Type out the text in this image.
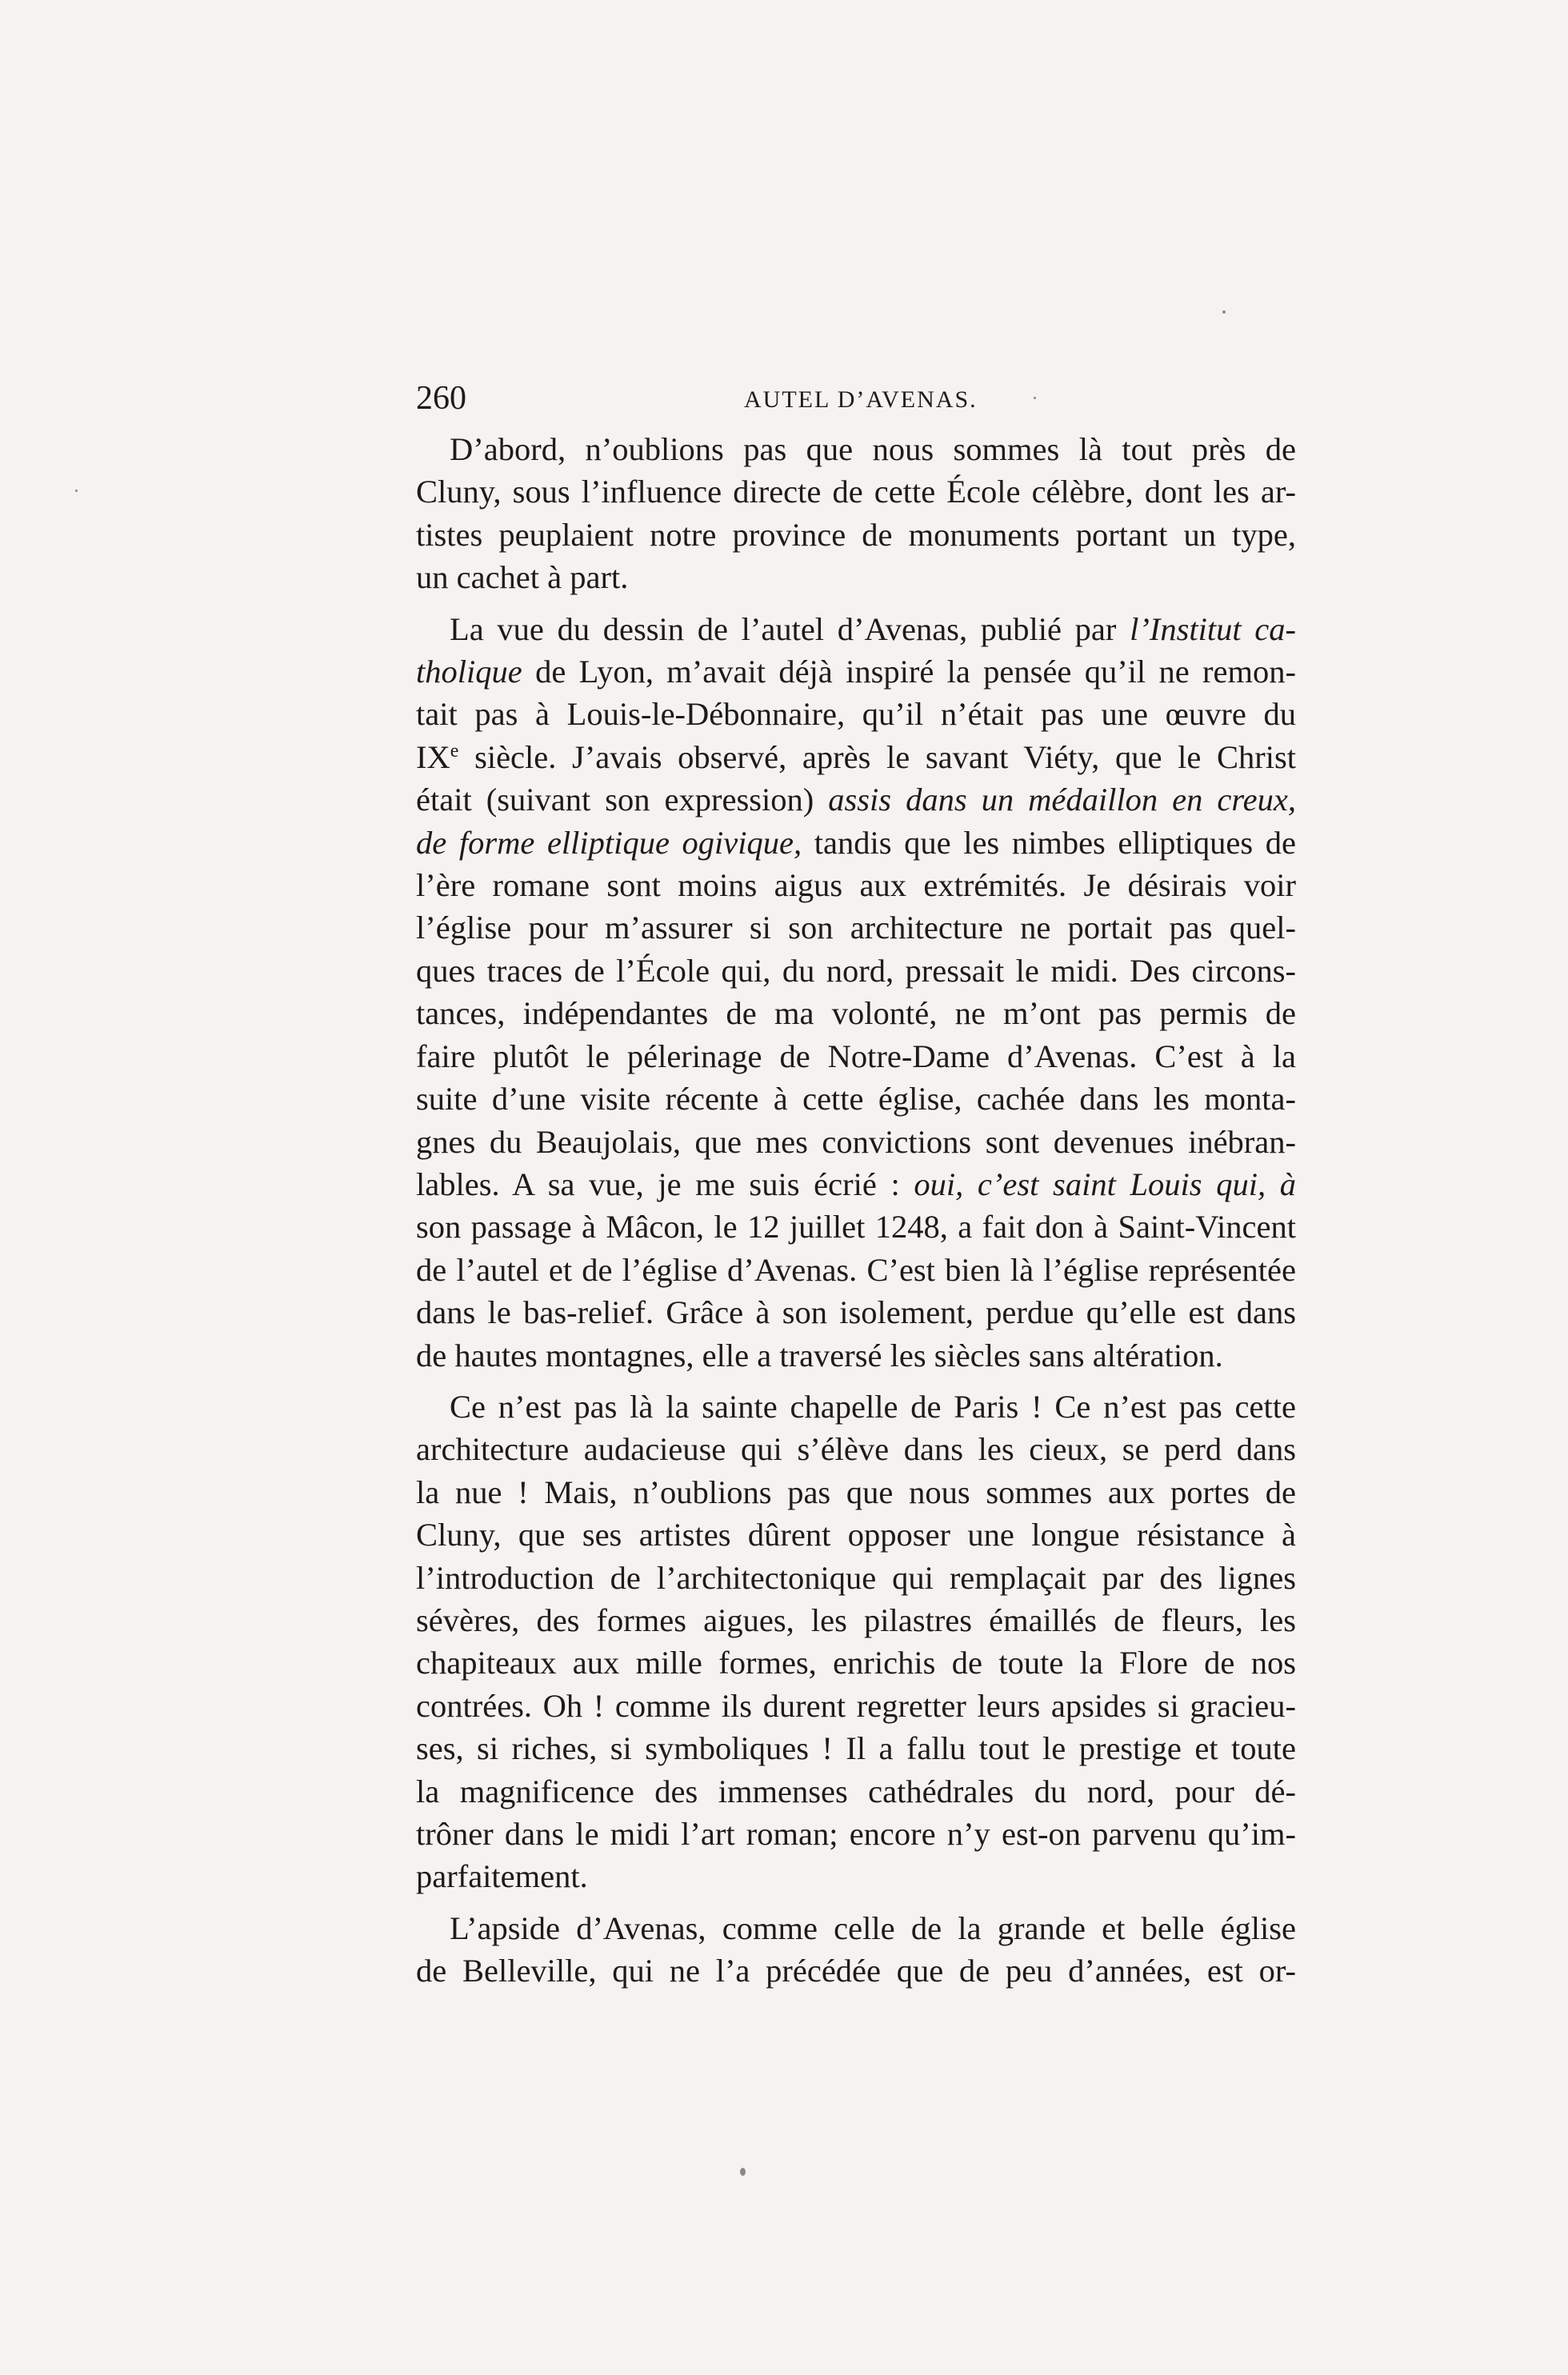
260	AUTEL D’AVENAS.

D’abord, n’oublions pas que nous sommes là tout près de
Cluny, sous l’influence directe de cette École célèbre, dont les ar-
tistes peuplaient notre province de monuments portant un type,
un cachet à part.

La vue du dessin de l’autel d’Avenas, publié par l’Institut ca-
tholique de Lyon, m’avait déjà inspiré la pensée qu’il ne remon-
tait pas à Louis-le-Débonnaire, qu’il n’était pas une œuvre du
IXe siècle. J’avais observé, après le savant Viéty, que le Christ
était (suivant son expression) assis dans un médaillon en creux,
de forme elliptique ogivique, tandis que les nimbes elliptiques de
l’ère romane sont moins aigus aux extrémités. Je désirais voir
l’église pour m’assurer si son architecture ne portait pas quel-
ques traces de l’École qui, du nord, pressait le midi. Des circons-
tances, indépendantes de ma volonté, ne m’ont pas permis de
faire plutôt le pélerinage de Notre-Dame d’Avenas. C’est à la
suite d’une visite récente à cette église, cachée dans les monta-
gnes du Beaujolais, que mes convictions sont devenues inébran-
lables. A sa vue, je me suis écrié : oui, c’est saint Louis qui, à
son passage à Mâcon, le 12 juillet 1248, a fait don à Saint-Vincent
de l’autel et de l’église d’Avenas. C’est bien là l’église représentée
dans le bas-relief. Grâce à son isolement, perdue qu’elle est dans
de hautes montagnes, elle a traversé les siècles sans altération.

Ce n’est pas là la sainte chapelle de Paris ! Ce n’est pas cette
architecture audacieuse qui s’élève dans les cieux, se perd dans
la nue ! Mais, n’oublions pas que nous sommes aux portes de
Cluny, que ses artistes dûrent opposer une longue résistance à
l’introduction de l’architectonique qui remplaçait par des lignes
sévères, des formes aigues, les pilastres émaillés de fleurs, les
chapiteaux aux mille formes, enrichis de toute la Flore de nos
contrées. Oh ! comme ils durent regretter leurs apsides si gracieu-
ses, si riches, si symboliques ! Il a fallu tout le prestige et toute
la magnificence des immenses cathédrales du nord, pour dé-
trôner dans le midi l’art roman; encore n’y est-on parvenu qu’im-
parfaitement.

L’apside d’Avenas, comme celle de la grande et belle église
de Belleville, qui ne l’a précédée que de peu d’années, est or-
